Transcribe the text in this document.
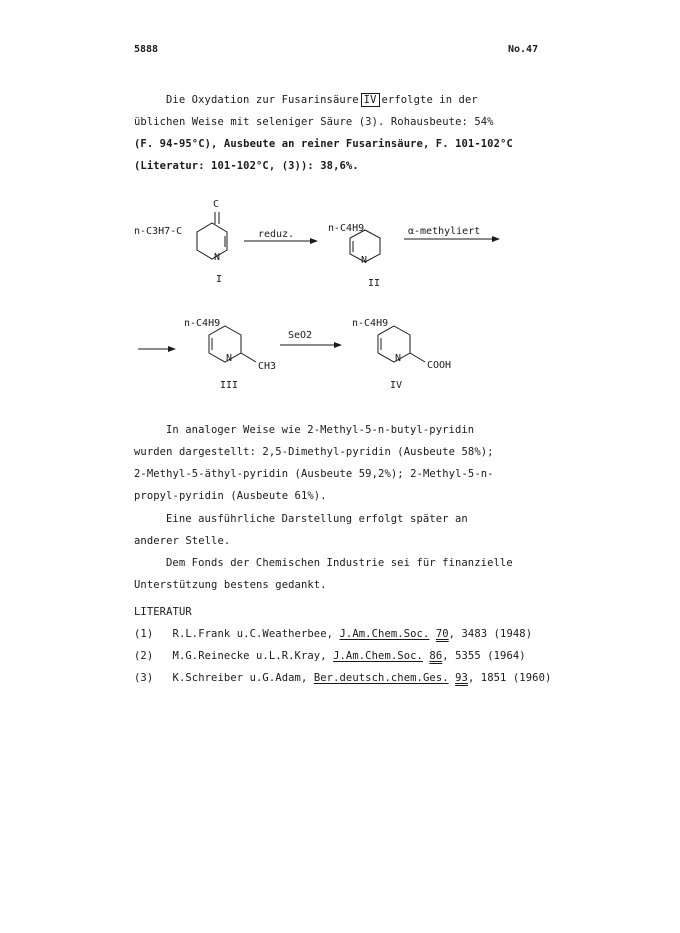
5888	No.47
Die Oxydation zur Fusarinsäure IV erfolgte in der
üblichen Weise mit seleniger Säure (3). Rohausbeute: 54%
(F. 94-95°C), Ausbeute an reiner Fusarinsäure, F. 101-102°C
(Literatur: 101-102°C, (3)): 38,6%.
C
n-C3H7-C
N
I
reduz.
n-C4H9
N
II
α-methyliert
n-C4H9
N
CH3
III
SeO2
n-C4H9
N
COOH
IV
In analoger Weise wie 2-Methyl-5-n-butyl-pyridin
wurden dargestellt: 2,5-Dimethyl-pyridin (Ausbeute 58%);
2-Methyl-5-äthyl-pyridin (Ausbeute 59,2%); 2-Methyl-5-n-
propyl-pyridin (Ausbeute 61%).
Eine ausführliche Darstellung erfolgt später an
anderer Stelle.
Dem Fonds der Chemischen Industrie sei für finanzielle
Unterstützung bestens gedankt.
LITERATUR
(1) R.L.Frank u.C.Weatherbee, J.Am.Chem.Soc. 70, 3483 (1948)
(2) M.G.Reinecke u.L.R.Kray, J.Am.Chem.Soc. 86, 5355 (1964)
(3) K.Schreiber u.G.Adam, Ber.deutsch.chem.Ges. 93, 1851 (1960)
